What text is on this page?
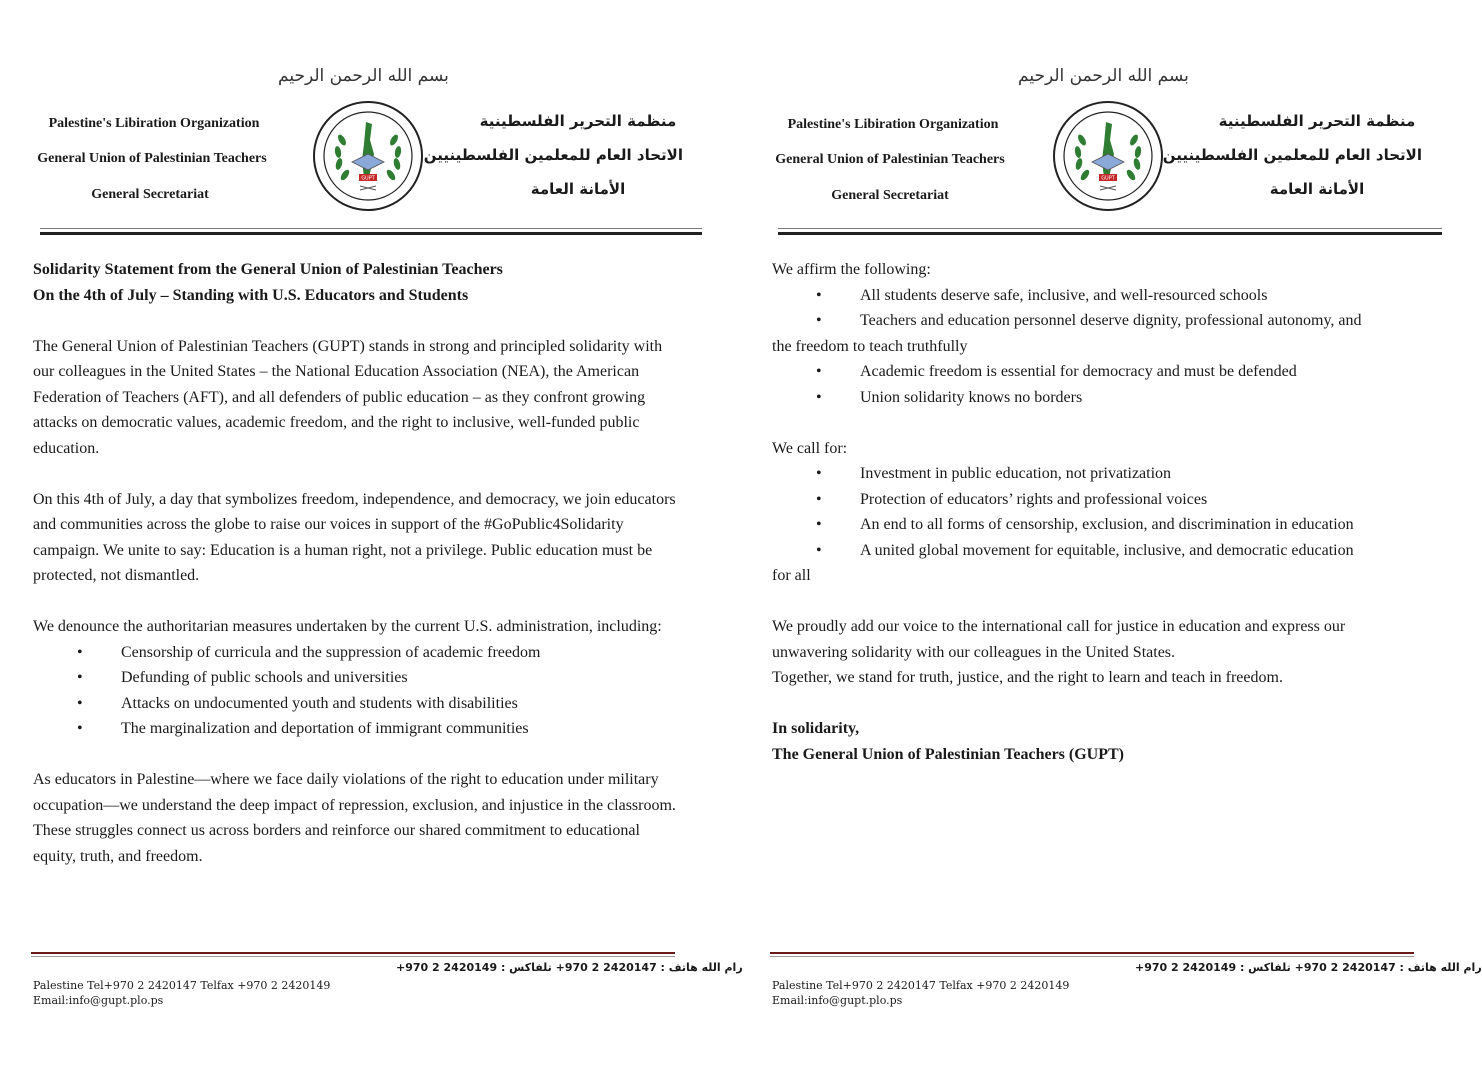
بسم الله الرحمن الرحيم
Palestine's Libiration Organization
General Union of Palestinian Teachers
General Secretariat
GUPT
منظمة التحرير الفلسطينية
الاتحاد العام للمعلمين الفلسطينيين
الأمانة العامة

Solidarity Statement from the General Union of Palestinian Teachers

On the 4th of July – Standing with U.S. Educators and Students

The General Union of Palestinian Teachers (GUPT) stands in strong and principled solidarity with our colleagues in the United States – the National Education Association (NEA), the American Federation of Teachers (AFT), and all defenders of public education – as they confront growing attacks on democratic values, academic freedom, and the right to inclusive, well-funded public education.

On this 4th of July, a day that symbolizes freedom, independence, and democracy, we join educators and communities across the globe to raise our voices in support of the #GoPublic4Solidarity campaign. We unite to say: Education is a human right, not a privilege. Public education must be protected, not dismantled.

We denounce the authoritarian measures undertaken by the current U.S. administration, including:

• Censorship of curricula and the suppression of academic freedom
• Defunding of public schools and universities
• Attacks on undocumented youth and students with disabilities
• The marginalization and deportation of immigrant communities

As educators in Palestine—where we face daily violations of the right to education under military occupation—we understand the deep impact of repression, exclusion, and injustice in the classroom. These struggles connect us across borders and reinforce our shared commitment to educational equity, truth, and freedom.

رام الله هاتف : 2420147 2 970+ تلفاكس : 2420149 2 970+
Palestine Tel+970 2 2420147 Telfax +970 2 2420149
Email:info@gupt.plo.ps
بسم الله الرحمن الرحيم
Palestine's Libiration Organization
General Union of Palestinian Teachers
General Secretariat
GUPT
منظمة التحرير الفلسطينية
الاتحاد العام للمعلمين الفلسطينيين
الأمانة العامة

We affirm the following:

• All students deserve safe, inclusive, and well-resourced schools
• Teachers and education personnel deserve dignity, professional autonomy, and

the freedom to teach truthfully

• Academic freedom is essential for democracy and must be defended
• Union solidarity knows no borders

We call for:

• Investment in public education, not privatization
• Protection of educators’ rights and professional voices
• An end to all forms of censorship, exclusion, and discrimination in education
• A united global movement for equitable, inclusive, and democratic education

for all

We proudly add our voice to the international call for justice in education and express our unwavering solidarity with our colleagues in the United States.

Together, we stand for truth, justice, and the right to learn and teach in freedom.

In solidarity,

The General Union of Palestinian Teachers (GUPT)

رام الله هاتف : 2420147 2 970+ تلفاكس : 2420149 2 970+
Palestine Tel+970 2 2420147 Telfax +970 2 2420149
Email:info@gupt.plo.ps
